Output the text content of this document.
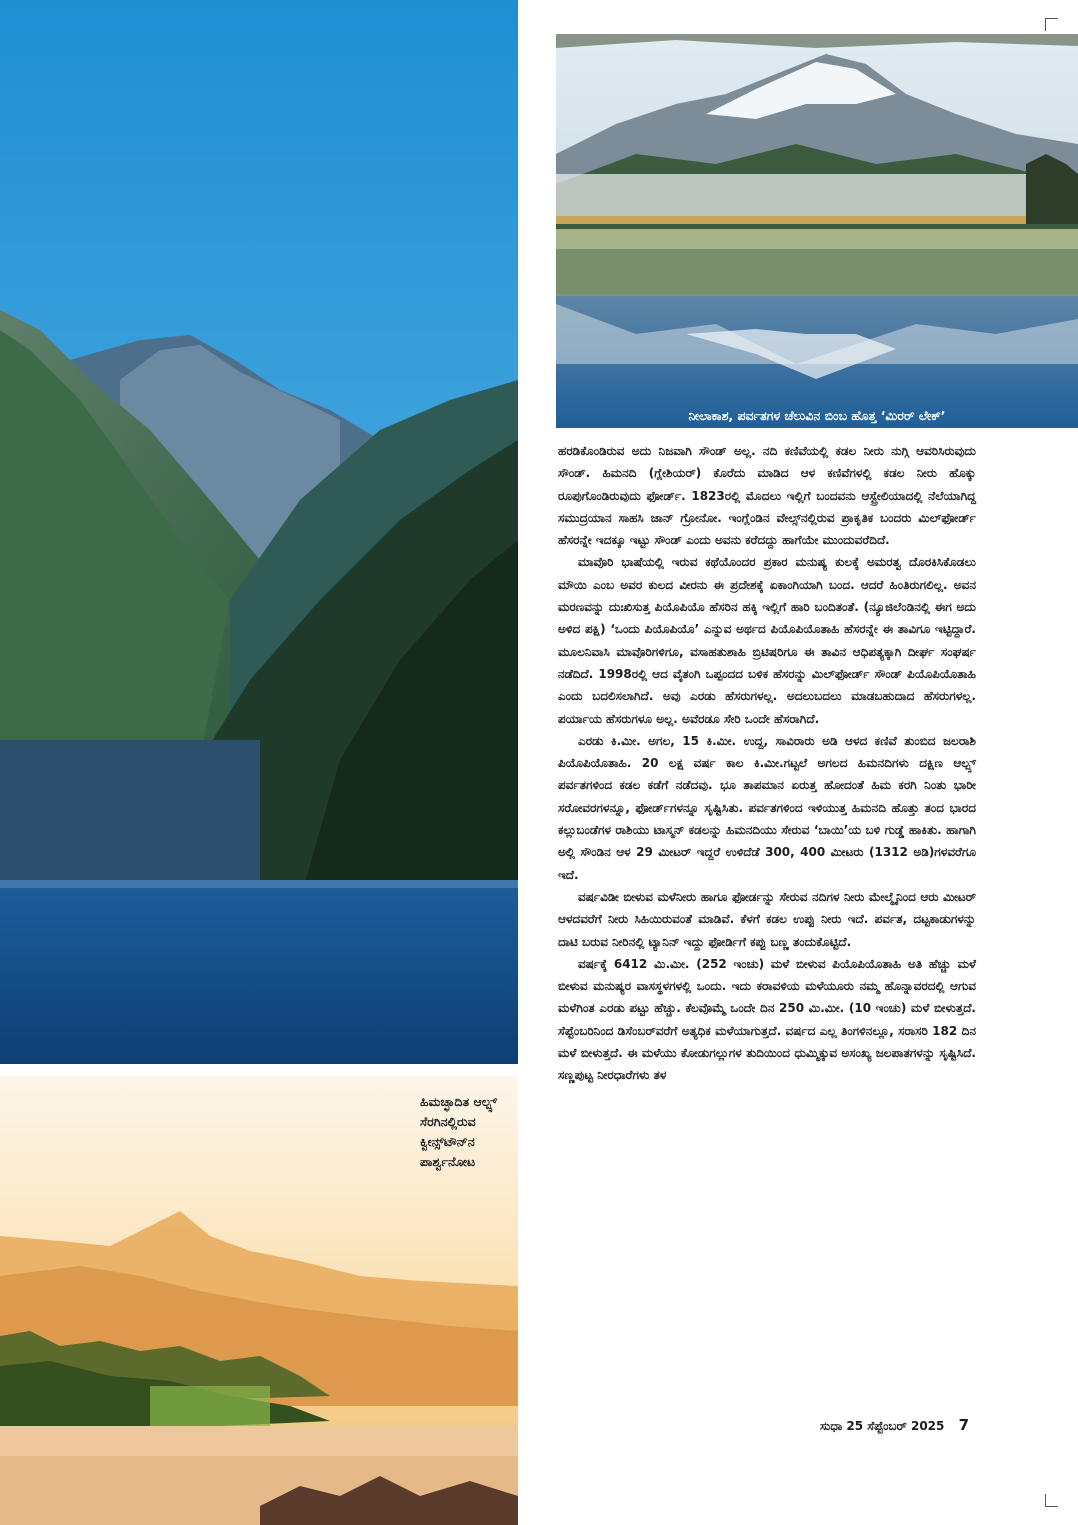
ಹಿಮಚ್ಛಾದಿತ ಆಲ್ಪ್ಸ್ ಸೆರಗಿನಲ್ಲಿರುವ ಕ್ವೀನ್ಸ್‌ಟೌನ್‌ನ ಪಾರ್ಶ್ವನೋಟ
ನೀಲಾಕಾಶ, ಪರ್ವತಗಳ ಚೆಲುವಿನ ಬಿಂಬ ಹೊತ್ತ ‘ಮಿರರ್ ಲೇಕ್’

ಹರಡಿಕೊಂಡಿರುವ ಅದು ನಿಜವಾಗಿ ಸೌಂಡ್ ಅಲ್ಲ. ನದಿ ಕಣಿವೆಯಲ್ಲಿ ಕಡಲ ನೀರು ನುಗ್ಗಿ ಆವರಿಸಿರುವುದು ಸೌಂಡ್. ಹಿಮನದಿ (ಗ್ಲೇಶಿಯರ್) ಕೊರೆದು ಮಾಡಿದ ಆಳ ಕಣಿವೆಗಳಲ್ಲಿ ಕಡಲ ನೀರು ಹೊಕ್ಕು ರೂಪುಗೊಂಡಿರುವುದು ಫೋರ್ಡ್. 1823ರಲ್ಲಿ ಮೊದಲು ಇಲ್ಲಿಗೆ ಬಂದವನು ಆಸ್ಟ್ರೇಲಿಯಾದಲ್ಲಿ ನೆಲೆಯಾಗಿದ್ದ ಸಮುದ್ರಯಾನ ಸಾಹಸಿ ಜಾನ್ ಗ್ರೋನೋ. ಇಂಗ್ಲೆಂಡಿನ ವೇಲ್ಸ್‌ನಲ್ಲಿರುವ ಪ್ರಾಕೃತಿಕ ಬಂದರು ಮಿಲ್‌ಫೋರ್ಡ್ ಹೆಸರನ್ನೇ ಇದಕ್ಕೂ ಇಟ್ಟು ಸೌಂಡ್ ಎಂದು ಅವನು ಕರೆದದ್ದು ಹಾಗೆಯೇ ಮುಂದುವರೆದಿದೆ.

ಮಾವೊರಿ ಭಾಷೆಯಲ್ಲಿ ಇರುವ ಕಥೆಯೊಂದರ ಪ್ರಕಾರ ಮನುಷ್ಯ ಕುಲಕ್ಕೆ ಅಮರತ್ವ ದೊರಕಿಸಿಕೊಡಲು ಮೌಯಿ ಎಂಬ ಅವರ ಕುಲದ ವೀರನು ಈ ಪ್ರದೇಶಕ್ಕೆ ಏಕಾಂಗಿಯಾಗಿ ಬಂದ. ಆದರೆ ಹಿಂತಿರುಗಲಿಲ್ಲ. ಅವನ ಮರಣವನ್ನು ದುಃಖಿಸುತ್ತ ಪಿಯೊಪಿಯೊ ಹೆಸರಿನ ಹಕ್ಕಿ ಇಲ್ಲಿಗೆ ಹಾರಿ ಬಂದಿತಂತೆ. (ನ್ಯೂಜಿಲೆಂಡಿನಲ್ಲಿ ಈಗ ಅದು ಅಳಿದ ಪಕ್ಷಿ) ‘ಒಂದು ಪಿಯೊಪಿಯೊ’ ಎನ್ನುವ ಅರ್ಥದ ಪಿಯೊಪಿಯೊತಾಹಿ ಹೆಸರನ್ನೇ ಈ ತಾವಿಗೂ ಇಟ್ಟಿದ್ದಾರೆ. ಮೂಲನಿವಾಸಿ ಮಾವೊರಿಗಳಿಗೂ, ವಸಾಹತುಶಾಹಿ ಬ್ರಿಟಿಷರಿಗೂ ಈ ತಾವಿನ ಆಧಿಪತ್ಯಕ್ಕಾಗಿ ದೀರ್ಘ ಸಂಘರ್ಷ ನಡೆದಿದೆ. 1998ರಲ್ಲಿ ಆದ ವೈತಂಗಿ ಒಪ್ಪಂದದ ಬಳಿಕ ಹೆಸರನ್ನು ಮಿಲ್‌ಫೋರ್ಡ್ ಸೌಂಡ್ ಪಿಯೊಪಿಯೊತಾಹಿ ಎಂದು ಬದಲಿಸಲಾಗಿದೆ. ಅವು ಎರಡು ಹೆಸರುಗಳಲ್ಲ. ಅದಲುಬದಲು ಮಾಡಬಹುದಾದ ಹೆಸರುಗಳಲ್ಲ. ಪರ್ಯಾಯ ಹೆಸರುಗಳೂ ಅಲ್ಲ. ಅವೆರಡೂ ಸೇರಿ ಒಂದೇ ಹೆಸರಾಗಿದೆ.

ಎರಡು ಕಿ.ಮೀ. ಅಗಲ, 15 ಕಿ.ಮೀ. ಉದ್ದ, ಸಾವಿರಾರು ಅಡಿ ಆಳದ ಕಣಿವೆ ತುಂಬಿದ ಜಲರಾಶಿ ಪಿಯೊಪಿಯೊತಾಹಿ. 20 ಲಕ್ಷ ವರ್ಷ ಕಾಲ ಕಿ.ಮೀ.ಗಟ್ಟಲೆ ಅಗಲದ ಹಿಮನದಿಗಳು ದಕ್ಷಿಣ ಆಲ್ಪ್ಸ್ ಪರ್ವತಗಳಿಂದ ಕಡಲ ಕಡೆಗೆ ನಡೆದವು. ಭೂ ತಾಪಮಾನ ಏರುತ್ತ ಹೋದಂತೆ ಹಿಮ ಕರಗಿ ನಿಂತು ಭಾರೀ ಸರೋವರಗಳನ್ನೂ, ಫೋರ್ಡ್‌ಗಳನ್ನೂ ಸೃಷ್ಟಿಸಿತು. ಪರ್ವತಗಳಿಂದ ಇಳಿಯುತ್ತ ಹಿಮನದಿ ಹೊತ್ತು ತಂದ ಭಾರದ ಕಲ್ಲುಬಂಡೆಗಳ ರಾಶಿಯು ಟಾಸ್ಮನ್ ಕಡಲನ್ನು ಹಿಮನದಿಯು ಸೇರುವ ‘ಬಾಯಿ’ಯ ಬಳಿ ಗುಡ್ಡೆ ಹಾಕಿತು. ಹಾಗಾಗಿ ಅಲ್ಲಿ ಸೌಂಡಿನ ಆಳ 29 ಮೀಟರ್ ಇದ್ದರೆ ಉಳಿದೆಡೆ 300, 400 ಮೀಟರು (1312 ಅಡಿ)ಗಳವರೆಗೂ ಇದೆ.

ವರ್ಷವಿಡೀ ಬೀಳುವ ಮಳೆನೀರು ಹಾಗೂ ಫೋರ್ಡನ್ನು ಸೇರುವ ನದಿಗಳ ನೀರು ಮೇಲ್ಮೈನಿಂದ ಆರು ಮೀಟರ್ ಆಳದವರೆಗೆ ನೀರು ಸಿಹಿಯಿರುವಂತೆ ಮಾಡಿವೆ. ಕೆಳಗೆ ಕಡಲ ಉಪ್ಪು ನೀರು ಇದೆ. ಪರ್ವತ, ದಟ್ಟಕಾಡುಗಳನ್ನು ದಾಟಿ ಬರುವ ನೀರಿನಲ್ಲಿ ಟ್ಯಾನಿನ್ ಇದ್ದು ಫೋರ್ಡಿಗೆ ಕಪ್ಪು ಬಣ್ಣ ತಂದುಕೊಟ್ಟಿದೆ.

ವರ್ಷಕ್ಕೆ 6412 ಮಿ.ಮೀ. (252 ಇಂಚು) ಮಳೆ ಬೀಳುವ ಪಿಯೊಪಿಯೊತಾಹಿ ಅತಿ ಹೆಚ್ಚು ಮಳೆ ಬೀಳುವ ಮನುಷ್ಯರ ವಾಸಸ್ಥಳಗಳಲ್ಲಿ ಒಂದು. ಇದು ಕರಾವಳಿಯ ಮಳೆಯೂರು ನಮ್ಮ ಹೊನ್ನಾವರದಲ್ಲಿ ಆಗುವ ಮಳೆಗಿಂತ ಎರಡು ಪಟ್ಟು ಹೆಚ್ಚು. ಕೆಲವೊಮ್ಮೆ ಒಂದೇ ದಿನ 250 ಮಿ.ಮೀ. (10 ಇಂಚು) ಮಳೆ ಬೀಳುತ್ತದೆ. ಸೆಪ್ಟೆಂಬರಿನಿಂದ ಡಿಸೆಂಬರ್‌ವರೆಗೆ ಅತ್ಯಧಿಕ ಮಳೆಯಾಗುತ್ತದೆ. ವರ್ಷದ ಎಲ್ಲ ತಿಂಗಳಿನಲ್ಲೂ, ಸರಾಸರಿ 182 ದಿನ ಮಳೆ ಬೀಳುತ್ತದೆ. ಈ ಮಳೆಯು ಕೋಡುಗಲ್ಲುಗಳ ತುದಿಯಿಂದ ಧುಮ್ಮಿಕ್ಕುವ ಅಸಂಖ್ಯ ಜಲಪಾತಗಳನ್ನು ಸೃಷ್ಟಿಸಿದೆ. ಸಣ್ಣಪುಟ್ಟ ನೀರಧಾರೆಗಳು ತಳ

ಸುಧಾ 25 ಸೆಪ್ಟೆಂಬರ್ 2025 7
